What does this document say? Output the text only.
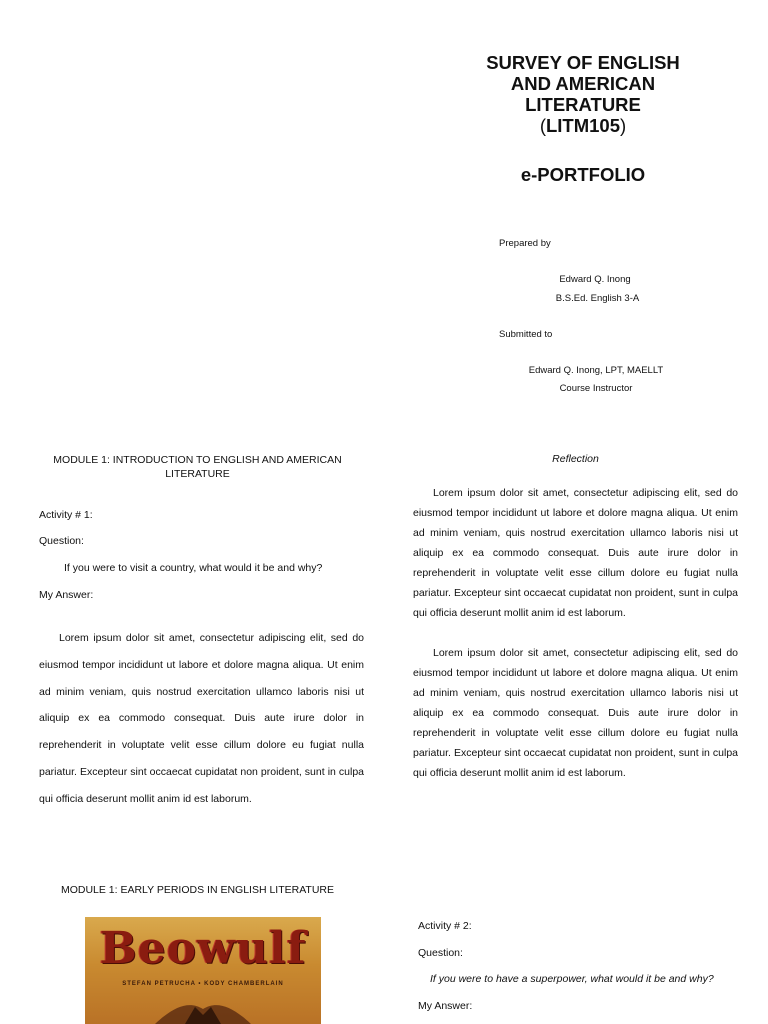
SURVEY OF ENGLISH
AND AMERICAN
LITERATURE
(LITM105)
e-PORTFOLIO
Prepared by
Edward Q. Inong
B.S.Ed. English 3-A
Submitted to
Edward Q. Inong, LPT, MAELLT
Course Instructor
MODULE 1: INTRODUCTION TO ENGLISH AND AMERICAN
LITERATURE
Activity # 1:
Question:
If you were to visit a country, what would it be and why?
My Answer:

Lorem ipsum dolor sit amet, consectetur adipiscing elit, sed do eiusmod tempor incididunt ut labore et dolore magna aliqua. Ut enim ad minim veniam, quis nostrud exercitation ullamco laboris nisi ut aliquip ex ea commodo consequat. Duis aute irure dolor in reprehenderit in voluptate velit esse cillum dolore eu fugiat nulla pariatur. Excepteur sint occaecat cupidatat non proident, sunt in culpa qui officia deserunt mollit anim id est laborum.

Reflection

Lorem ipsum dolor sit amet, consectetur adipiscing elit, sed do eiusmod tempor incididunt ut labore et dolore magna aliqua. Ut enim ad minim veniam, quis nostrud exercitation ullamco laboris nisi ut aliquip ex ea commodo consequat. Duis aute irure dolor in reprehenderit in voluptate velit esse cillum dolore eu fugiat nulla pariatur. Excepteur sint occaecat cupidatat non proident, sunt in culpa qui officia deserunt mollit anim id est laborum.

Lorem ipsum dolor sit amet, consectetur adipiscing elit, sed do eiusmod tempor incididunt ut labore et dolore magna aliqua. Ut enim ad minim veniam, quis nostrud exercitation ullamco laboris nisi ut aliquip ex ea commodo consequat. Duis aute irure dolor in reprehenderit in voluptate velit esse cillum dolore eu fugiat nulla pariatur. Excepteur sint occaecat cupidatat non proident, sunt in culpa qui officia deserunt mollit anim id est laborum.

MODULE 1: EARLY PERIODS IN ENGLISH LITERATURE
Beowulf
STEFAN PETRUCHA • KODY CHAMBERLAIN
Activity # 2:
Question:
If you were to have a superpower, what would it be and why?
My Answer:
